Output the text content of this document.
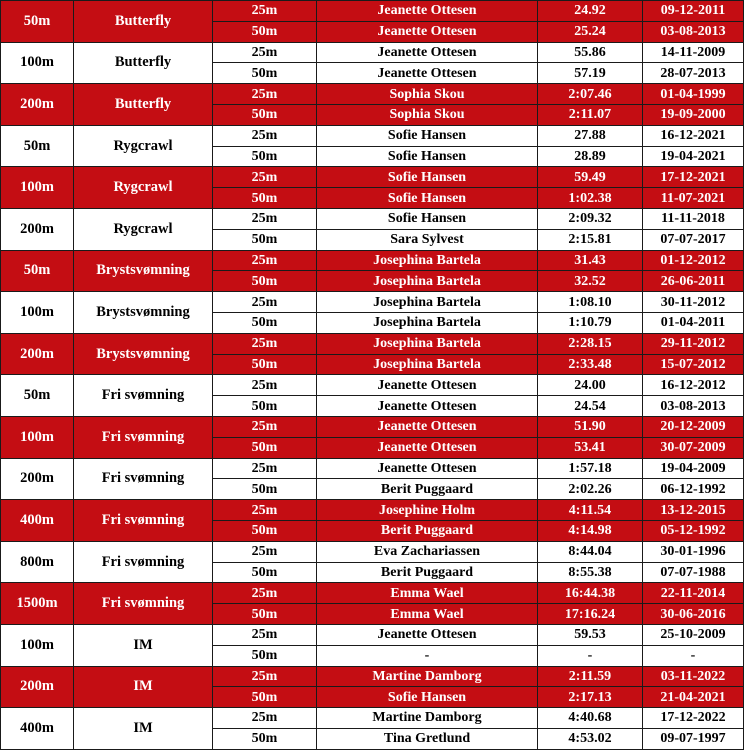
50m	Butterfly	25m	Jeanette Ottesen	24.92	09-12-2011
		50m	Jeanette Ottesen	25.24	03-08-2013
100m	Butterfly	25m	Jeanette Ottesen	55.86	14-11-2009
		50m	Jeanette Ottesen	57.19	28-07-2013
200m	Butterfly	25m	Sophia Skou	2:07.46	01-04-1999
		50m	Sophia Skou	2:11.07	19-09-2000
50m	Rygcrawl	25m	Sofie Hansen	27.88	16-12-2021
		50m	Sofie Hansen	28.89	19-04-2021
100m	Rygcrawl	25m	Sofie Hansen	59.49	17-12-2021
		50m	Sofie Hansen	1:02.38	11-07-2021
200m	Rygcrawl	25m	Sofie Hansen	2:09.32	11-11-2018
		50m	Sara Sylvest	2:15.81	07-07-2017
50m	Brystsvømning	25m	Josephina Bartela	31.43	01-12-2012
		50m	Josephina Bartela	32.52	26-06-2011
100m	Brystsvømning	25m	Josephina Bartela	1:08.10	30-11-2012
		50m	Josephina Bartela	1:10.79	01-04-2011
200m	Brystsvømning	25m	Josephina Bartela	2:28.15	29-11-2012
		50m	Josephina Bartela	2:33.48	15-07-2012
50m	Fri svømning	25m	Jeanette Ottesen	24.00	16-12-2012
		50m	Jeanette Ottesen	24.54	03-08-2013
100m	Fri svømning	25m	Jeanette Ottesen	51.90	20-12-2009
		50m	Jeanette Ottesen	53.41	30-07-2009
200m	Fri svømning	25m	Jeanette Ottesen	1:57.18	19-04-2009
		50m	Berit Puggaard	2:02.26	06-12-1992
400m	Fri svømning	25m	Josephine Holm	4:11.54	13-12-2015
		50m	Berit Puggaard	4:14.98	05-12-1992
800m	Fri svømning	25m	Eva Zachariassen	8:44.04	30-01-1996
		50m	Berit Puggaard	8:55.38	07-07-1988
1500m	Fri svømning	25m	Emma Wael	16:44.38	22-11-2014
		50m	Emma Wael	17:16.24	30-06-2016
100m	IM	25m	Jeanette Ottesen	59.53	25-10-2009
		50m	-	-	-
200m	IM	25m	Martine Damborg	2:11.59	03-11-2022
		50m	Sofie Hansen	2:17.13	21-04-2021
400m	IM	25m	Martine Damborg	4:40.68	17-12-2022
		50m	Tina Gretlund	4:53.02	09-07-1997
